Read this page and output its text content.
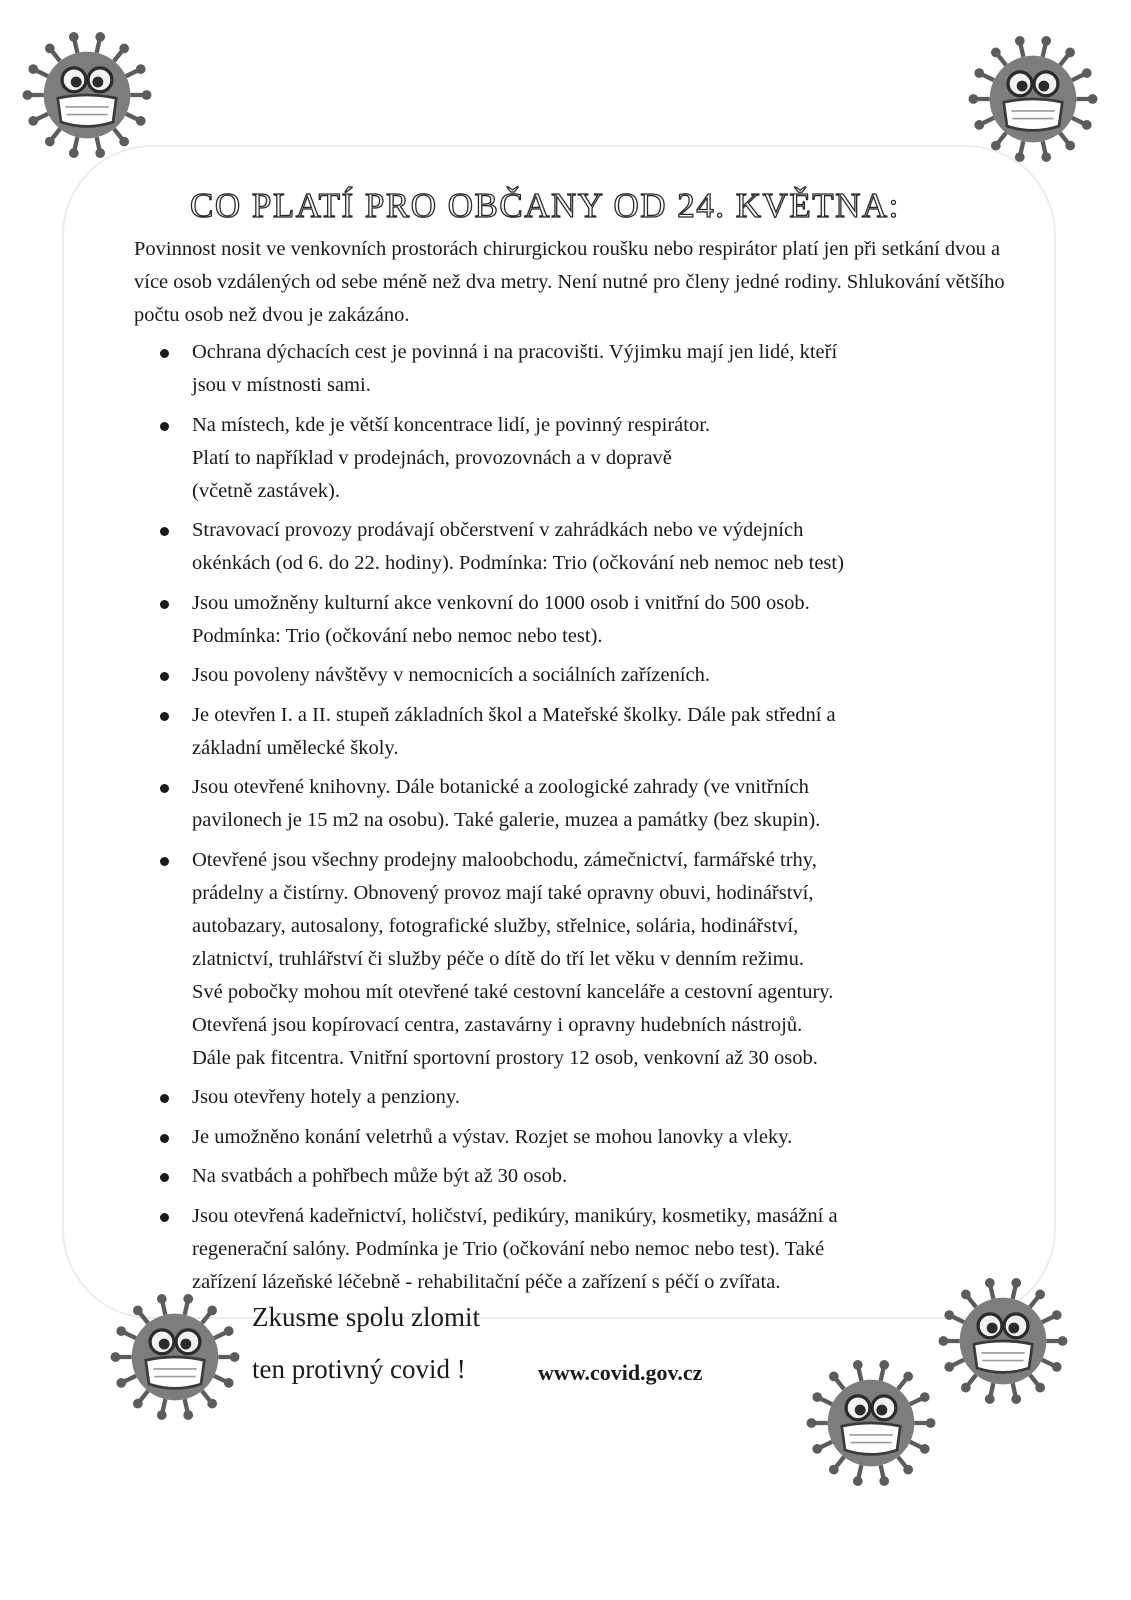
CO PLATÍ PRO OBČANY OD 24. KVĚTNA:

Povinnost nosit ve venkovních prostorách chirurgickou roušku nebo respirátor platí jen při setkání dvou a více osob vzdálených od sebe méně než dva metry. Není nutné pro členy jedné rodiny. Shlukování většího počtu osob než dvou je zakázáno.

Ochrana dýchacích cest je povinná i na pracovišti. Výjimku mají jen lidé, kteří
jsou v místnosti sami.
Na místech, kde je větší koncentrace lidí, je povinný respirátor.
Platí to například v prodejnách, provozovnách a v dopravě
(včetně zastávek).
Stravovací provozy prodávají občerstvení v zahrádkách nebo ve výdejních
okénkách (od 6. do 22. hodiny). Podmínka: Trio (očkování neb nemoc neb test)
Jsou umožněny kulturní akce venkovní do 1000 osob i vnitřní do 500 osob.
Podmínka: Trio (očkování nebo nemoc nebo test).
Jsou povoleny návštěvy v nemocnicích a sociálních zařízeních.
Je otevřen I. a II. stupeň základních škol a Mateřské školky. Dále pak střední a
základní umělecké školy.
Jsou otevřené knihovny. Dále botanické a zoologické zahrady (ve vnitřních
pavilonech je 15 m2 na osobu). Také galerie, muzea a památky (bez skupin).
Otevřené jsou všechny prodejny maloobchodu, zámečnictví, farmářské trhy,
prádelny a čistírny. Obnovený provoz mají také opravny obuvi, hodinářství,
autobazary, autosalony, fotografické služby, střelnice, solária, hodinářství,
zlatnictví, truhlářství či služby péče o dítě do tří let věku v denním režimu.
Své pobočky mohou mít otevřené také cestovní kanceláře a cestovní agentury.
Otevřená jsou kopírovací centra, zastavárny i opravny hudebních nástrojů.
Dále pak fitcentra. Vnitřní sportovní prostory 12 osob, venkovní až 30 osob.
Jsou otevřeny hotely a penziony.
Je umožněno konání veletrhů a výstav. Rozjet se mohou lanovky a vleky.
Na svatbách a pohřbech může být až 30 osob.
Jsou otevřená kadeřnictví, holičství, pedikúry, manikúry, kosmetiky, masážní a
regenerační salóny. Podmínka je Trio (očkování nebo nemoc nebo test). Také
zařízení lázeňské léčebně - rehabilitační péče a zařízení s péčí o zvířata.

Zkusme spolu zlomit

ten protivný covid !	www.covid.gov.cz
